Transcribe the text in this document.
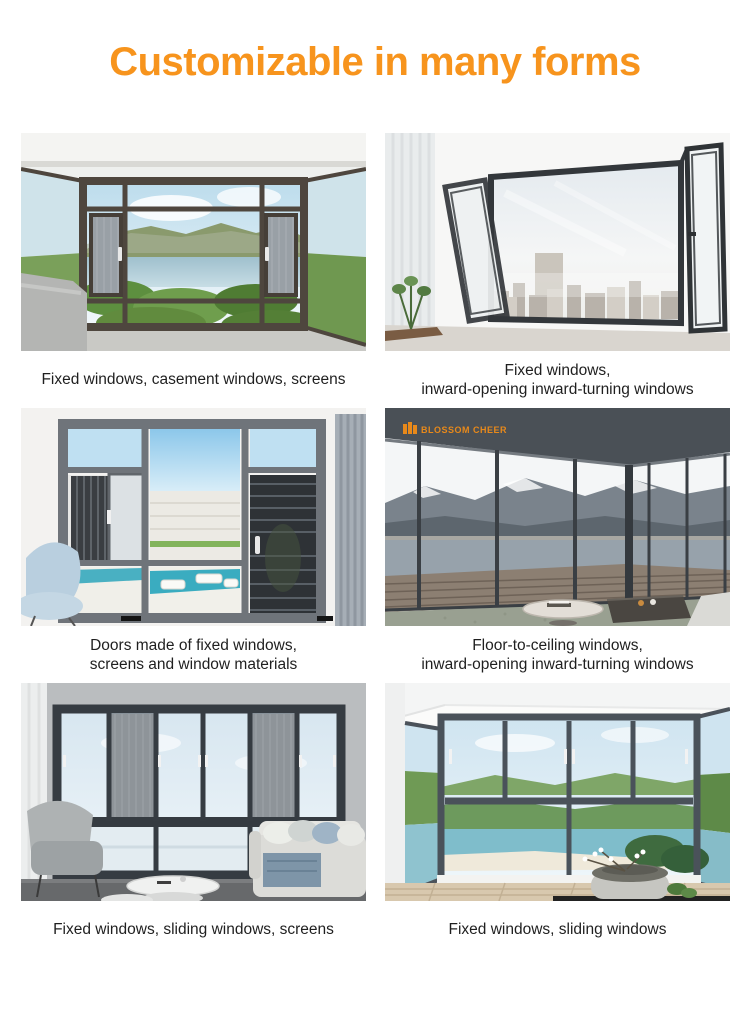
Customizable in many forms
Fixed windows, casement windows, screens
Fixed windows,
inward-opening inward-turning windows
Doors made of fixed windows,
screens and window materials
BLOSSOM CHEER
Floor-to-ceiling windows,
inward-opening inward-turning windows
Fixed windows, sliding windows, screens	Fixed windows, sliding windows
